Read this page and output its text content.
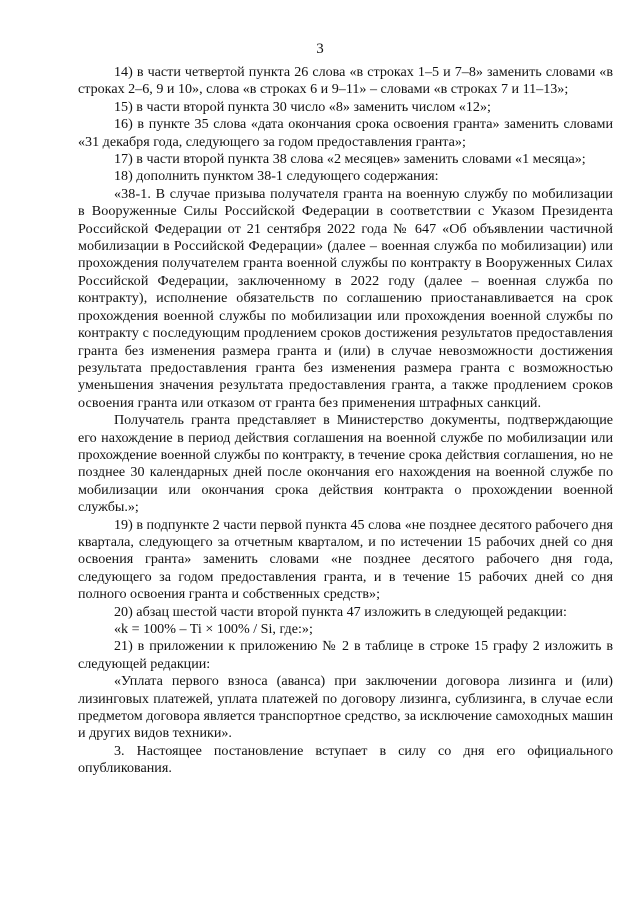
3

14) в части четвертой пункта 26 слова «в строках 1–5 и 7–8» заменить словами «в строках 2–6, 9 и 10», слова «в строках 6 и 9–11» – словами «в строках 7 и 11–13»;

15) в части второй пункта 30 число «8» заменить числом «12»;

16) в пункте 35 слова «дата окончания срока освоения гранта» заменить словами «31 декабря года, следующего за годом предоставления гранта»;

17) в части второй пункта 38 слова «2 месяцев» заменить словами «1 месяца»;

18) дополнить пунктом 38-1 следующего содержания:

«38-1. В случае призыва получателя гранта на военную службу по мобилизации в Вооруженные Силы Российской Федерации в соответствии с Указом Президента Российской Федерации от 21 сентября 2022 года № 647 «Об объявлении частичной мобилизации в Российской Федерации» (далее – военная служба по мобилизации) или прохождения получателем гранта военной службы по контракту в Вооруженных Силах Российской Федерации, заключенному в 2022 году (далее – военная служба по контракту), исполнение обязательств по соглашению приостанавливается на срок прохождения военной службы по мобилизации или прохождения военной службы по контракту с последующим продлением сроков достижения результатов предоставления гранта без изменения размера гранта и (или) в случае невозможности достижения результата предоставления гранта без изменения размера гранта с возможностью уменьшения значения результата предоставления гранта, а также продлением сроков освоения гранта или отказом от гранта без применения штрафных санкций.

Получатель гранта представляет в Министерство документы, подтверждающие его нахождение в период действия соглашения на военной службе по мобилизации или прохождение военной службы по контракту, в течение срока действия соглашения, но не позднее 30 календарных дней после окончания его нахождения на военной службе по мобилизации или окончания срока действия контракта о прохождении военной службы.»;

19) в подпункте 2 части первой пункта 45 слова «не позднее десятого рабочего дня квартала, следующего за отчетным кварталом, и по истечении 15 рабочих дней со дня освоения гранта» заменить словами «не позднее десятого рабочего дня года, следующего за годом предоставления гранта, и в течение 15 рабочих дней со дня полного освоения гранта и собственных средств»;

20) абзац шестой части второй пункта 47 изложить в следующей редакции:

«k = 100% – Ti × 100% / Si, где:»;

21) в приложении к приложению № 2 в таблице в строке 15 графу 2 изложить в следующей редакции:

«Уплата первого взноса (аванса) при заключении договора лизинга и (или) лизинговых платежей, уплата платежей по договору лизинга, сублизинга, в случае если предметом договора является транспортное средство, за исключение самоходных машин и других видов техники».

3. Настоящее постановление вступает в силу со дня его официального опубликования.
